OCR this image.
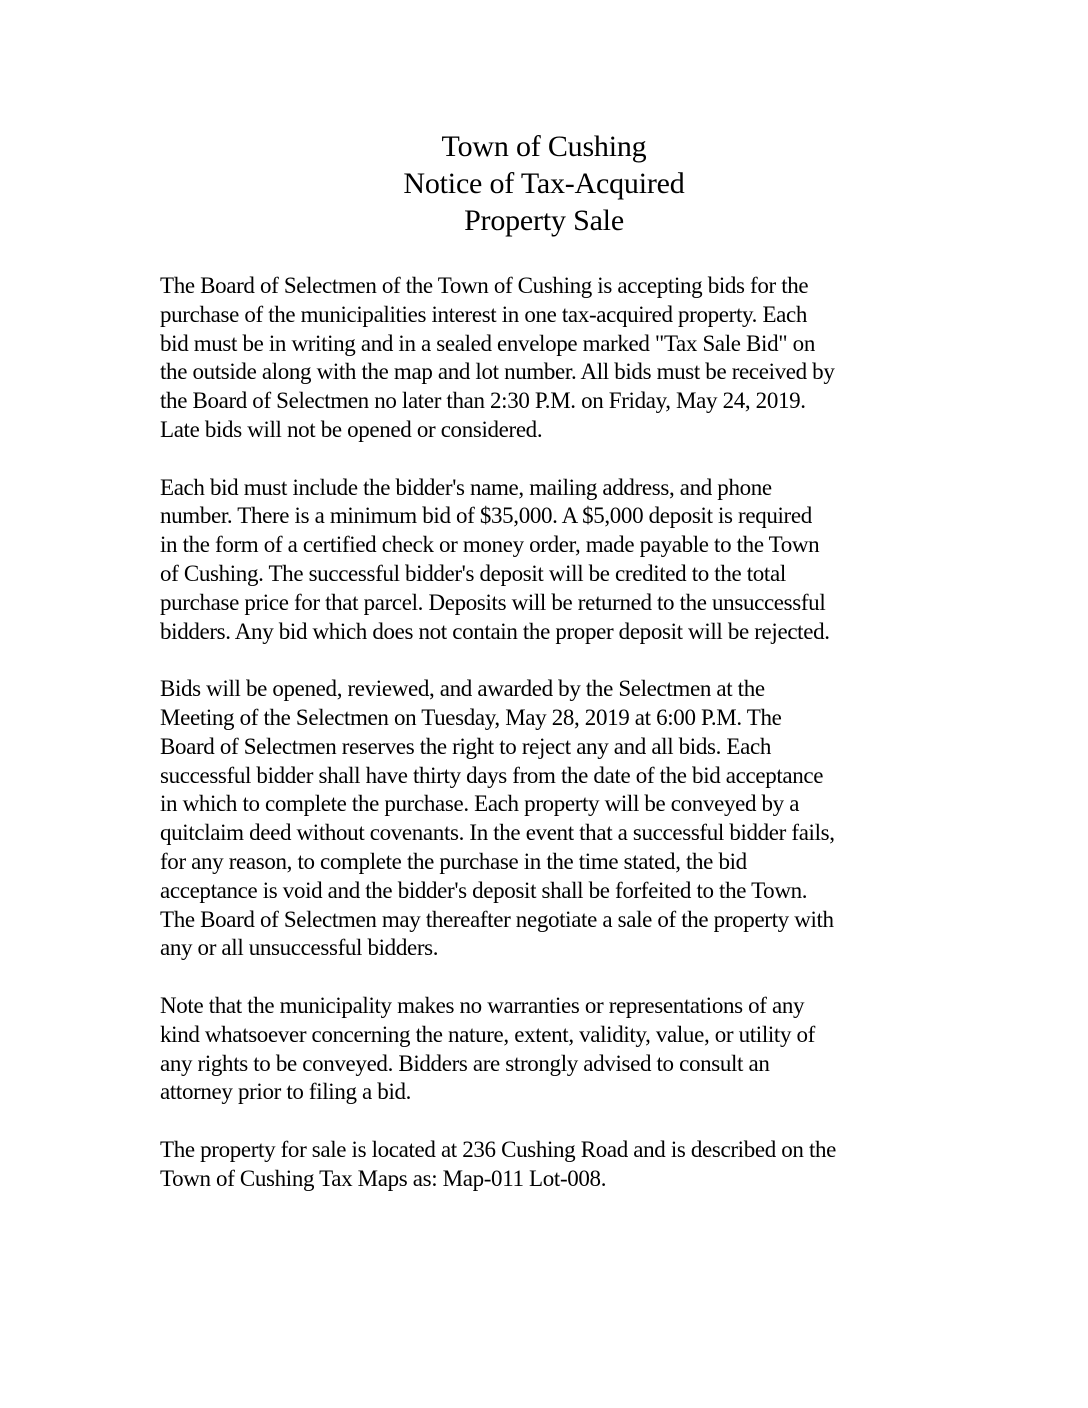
Town of Cushing
Notice of Tax-Acquired
Property Sale

The Board of Selectmen of the Town of Cushing is accepting bids for the
purchase of the municipalities interest in one tax-acquired property. Each
bid must be in writing and in a sealed envelope marked "Tax Sale Bid" on
the outside along with the map and lot number. All bids must be received by
the Board of Selectmen no later than 2:30 P.M. on Friday, May 24, 2019.
Late bids will not be opened or considered.

Each bid must include the bidder's name, mailing address, and phone
number. There is a minimum bid of $35,000. A $5,000 deposit is required
in the form of a certified check or money order, made payable to the Town
of Cushing. The successful bidder's deposit will be credited to the total
purchase price for that parcel. Deposits will be returned to the unsuccessful
bidders. Any bid which does not contain the proper deposit will be rejected.

Bids will be opened, reviewed, and awarded by the Selectmen at the
Meeting of the Selectmen on Tuesday, May 28, 2019 at 6:00 P.M. The
Board of Selectmen reserves the right to reject any and all bids. Each
successful bidder shall have thirty days from the date of the bid acceptance
in which to complete the purchase. Each property will be conveyed by a
quitclaim deed without covenants. In the event that a successful bidder fails,
for any reason, to complete the purchase in the time stated, the bid
acceptance is void and the bidder's deposit shall be forfeited to the Town.
The Board of Selectmen may thereafter negotiate a sale of the property with
any or all unsuccessful bidders.

Note that the municipality makes no warranties or representations of any
kind whatsoever concerning the nature, extent, validity, value, or utility of
any rights to be conveyed. Bidders are strongly advised to consult an
attorney prior to filing a bid.

The property for sale is located at 236 Cushing Road and is described on the
Town of Cushing Tax Maps as: Map-011 Lot-008.
